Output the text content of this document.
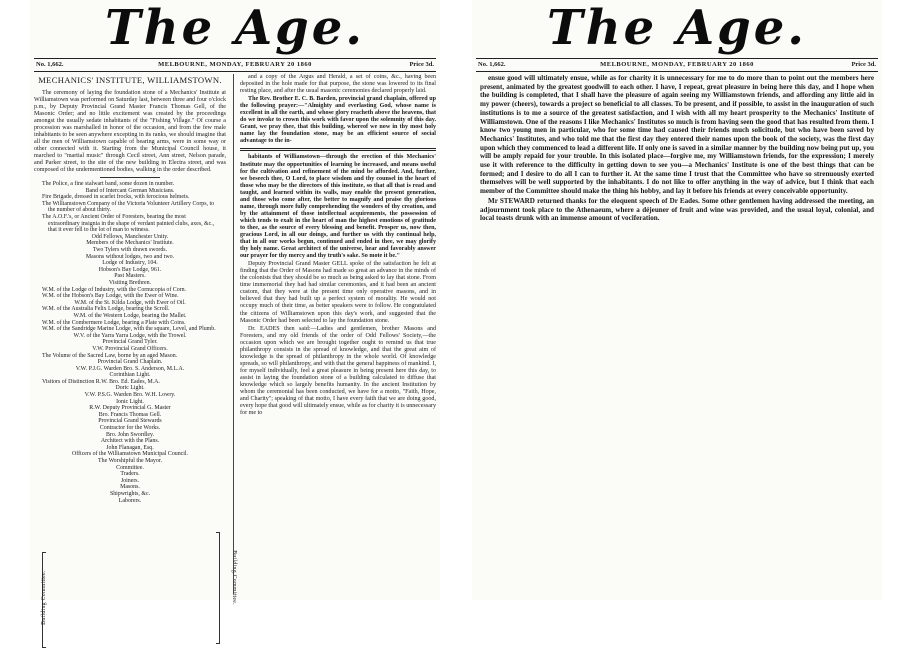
The Age.
No. 1,662.	MELBOURNE, MONDAY, FEBRUARY 20 1860	Price 3d.
MECHANICS' INSTITUTE, WILLIAMSTOWN.

The ceremony of laying the foundation stone of a Mechanics' Institute at Williamstown was performed on Saturday last, between three and four o'clock p.m., by Deputy Provincial Grand Master Francis Thomas Gell, of the Masonic Order; and no little excitement was created by the proceedings amongst the usually sedate inhabitants of the "Fishing Village." Of course a procession was marshalled in honor of the occasion, and from the few male inhabitants to be seen anywhere excepting in its ranks, we should imagine that all the men of Williamstown capable of bearing arms, were in some way or other connected with it. Starting from the Municipal Council house, it marched to "martial music" through Cecil street, Ann street, Nelson parade, and Parker street, to the site of the new building in Electra street, and was composed of the undermentioned bodies, walking in the order described.

The Police, a fine stalwart band, some dozen in number.
Band of Intercant German Musicians.
Fire Brigade, dressed in scarlet frocks, with ferocious helmets.
The Williamstown Company of the Victoria Volunteer Artillery Corps, to the number of about thirty.
The A.O.F.'s, or Ancient Order of Foresters, bearing the most extraordinary insignia in the shape of verdant painted clubs, axes, &c., that it ever fell to the lot of man to witness.
Odd Fellows, Manchester Unity.
Members of the Mechanics' Institute.
Two Tylers with drawn swords.
Masons without lodges, two and two.
Lodge of Industry, 104.
Hobson's Bay Lodge, 961.
Past Masters.
Visiting Brethren.
W.M. of the Lodge of Industry, with the Cornucopia of Corn.
W.M. of the Hobson's Bay Lodge, with the Ewer of Wine.
W.M. of the St. Kilda Lodge, with Ewer of Oil.
W.M. of the Australia Felix Lodge, bearing the Scroll.
W.M. of the Western Lodge, bearing the Mallet.
W.M. of the Combermere Lodge, bearing a Plate with Coins.
W.M. of the Sandridge Marine Lodge, with the square, Level, and Plumb.
W.V. of the Yarra Yarra Lodge, with the Trowel.
Provincial Grand Tyler.
V.W. Provincial Grand Officers.
The Volume of the Sacred Law, borne by an aged Mason.
Provincial Grand Chaplain.
V.W. P.J.G. Warden Bro. S. Anderson, M.L.A.
Corinthian Light.
Visitors of Distinction R.W. Bro. Ed. Eades, M.A.
Doric Light.
V.W. P.S.G. Warden Bro. W.H. Lowry.
Ionic Light.
R.W. Deputy Provincial G. Master
Bro. Francis Thomas Gell.
Provincial Grand Stewards
Contractor for the Works.
Bro. John Swordley.
Architect with the Plans.
John Flanagan, Esq.
Officers of the Williamstown Municipal Council.
The Worshipful the Mayor.
Committee.
Traders.
Joiners.
Masons.
Shipwrights, &c.
Laborers.
Building Committee.	Building Committee.

and a copy of the Argus and Herald, a set of coins, &c., having been deposited in the hole made for that purpose, the stone was lowered to its final resting place, and after the usual masonic ceremonies declared properly laid.

The Rev. Brother E. C. B. Barden, provincial grand chaplain, offered up the following prayer:—"Almighty and everlasting God, whose name is excellent in all the earth, and whose glory reacheth above the heavens, that do we invoke to crown this work with favor upon the solemnity of this day. Grant, we pray thee, that this building, whereof we now in thy most holy name lay the foundation stone, may be an efficient source of social advantage to the in-

habitants of Williamstown—through the erection of this Mechanics' Institute may the opportunities of learning be increased, and means useful for the cultivation and refinement of the mind be afforded. And, further, we beseech thee, O Lord, to place wisdom and thy counsel in the heart of those who may be the directors of this institute, so that all that is read and taught, and learned within its walls, may enable the present generation, and those who come after, the better to magnify and praise thy glorious name, through more fully comprehending the wonders of thy creation, and by the attainment of those intellectual acquirements, the possession of which tends to exalt in the heart of man the highest emotions of gratitude to thee, as the source of every blessing and benefit. Prosper us, now then, gracious Lord, in all our doings, and further us with thy continual help, that in all our works begun, continued and ended in thee, we may glorify thy holy name. Great architect of the universe, hear and favorably answer our prayer for thy mercy and thy truth's sake. So mote it be."

Deputy Provincial Grand Master GELL spoke of the satisfaction he felt at finding that the Order of Masons had made so great an advance in the minds of the colonists that they should be so much as being asked to lay that stone. From time immemorial they had had similar ceremonies, and it had been an ancient custom, that they were at the present time only operative masons, and in believed that they had built up a perfect system of morality. He would not occupy much of their time, as better speakers were to follow. He congratulated the citizens of Williamstown upon this day's work, and suggested that the Masonic Order had been selected to lay the foundation stone.

Dr. EADES then said:—Ladies and gentlemen, brother Masons and Foresters, and my old friends of the order of Odd Fellows' Society,—the occasion upon which we are brought together ought to remind us that true philanthropy consists in the spread of knowledge, and that the great aim of knowledge is the spread of philanthropy in the whole world. Of knowledge spreads, so will philanthropy, and with that the general happiness of mankind. I, for myself individually, feel a great pleasure in being present here this day, to assist in laying the foundation stone of a building calculated to diffuse that knowledge which so largely benefits humanity. In the ancient Institution by whom the ceremonial has been conducted, we have for a motto, "Faith, Hope, and Charity"; speaking of that motto, I have every faith that we are doing good, every hope that good will ultimately ensue, while as for charity it is unnecessary for me to

The Age.
No. 1,662.	MELBOURNE, MONDAY, FEBRUARY 20 1860	Price 3d.

ensue good will ultimately ensue, while as for charity it is unnecessary for me to do more than to point out the members here present, animated by the greatest goodwill to each other. I have, I repeat, great pleasure in being here this day, and I hope when the building is completed, that I shall have the pleasure of again seeing my Williamstown friends, and affording any little aid in my power (cheers), towards a project so beneficial to all classes. To be present, and if possible, to assist in the inauguration of such institutions is to me a source of the greatest satisfaction, and I wish with all my heart prosperity to the Mechanics' Institute of Williamstown. One of the reasons I like Mechanics' Institutes so much is from having seen the good that has resulted from them. I know two young men in particular, who for some time had caused their friends much solicitude, but who have been saved by Mechanics' Institutes, and who told me that the first day they entered their names upon the book of the society, was the first day upon which they commenced to lead a different life. If only one is saved in a similar manner by the building now being put up, you will be amply repaid for your trouble. In this isolated place—forgive me, my Williamstown friends, for the expression; I merely use it with reference to the difficulty in getting down to see you—a Mechanics' Institute is one of the best things that can be formed; and I desire to do all I can to further it. At the same time I trust that the Committee who have so strenuously exerted themselves will be well supported by the inhabitants. I do not like to offer anything in the way of advice, but I think that each member of the Committee should make the thing his hobby, and lay it before his friends at every conceivable opportunity.

Mr STEWARD returned thanks for the eloquent speech of Dr Eades. Some other gentlemen having addressed the meeting, an adjournment took place to the Athenaeum, where a déjeuner of fruit and wine was provided, and the usual loyal, colonial, and local toasts drunk with an immense amount of vociferation.
